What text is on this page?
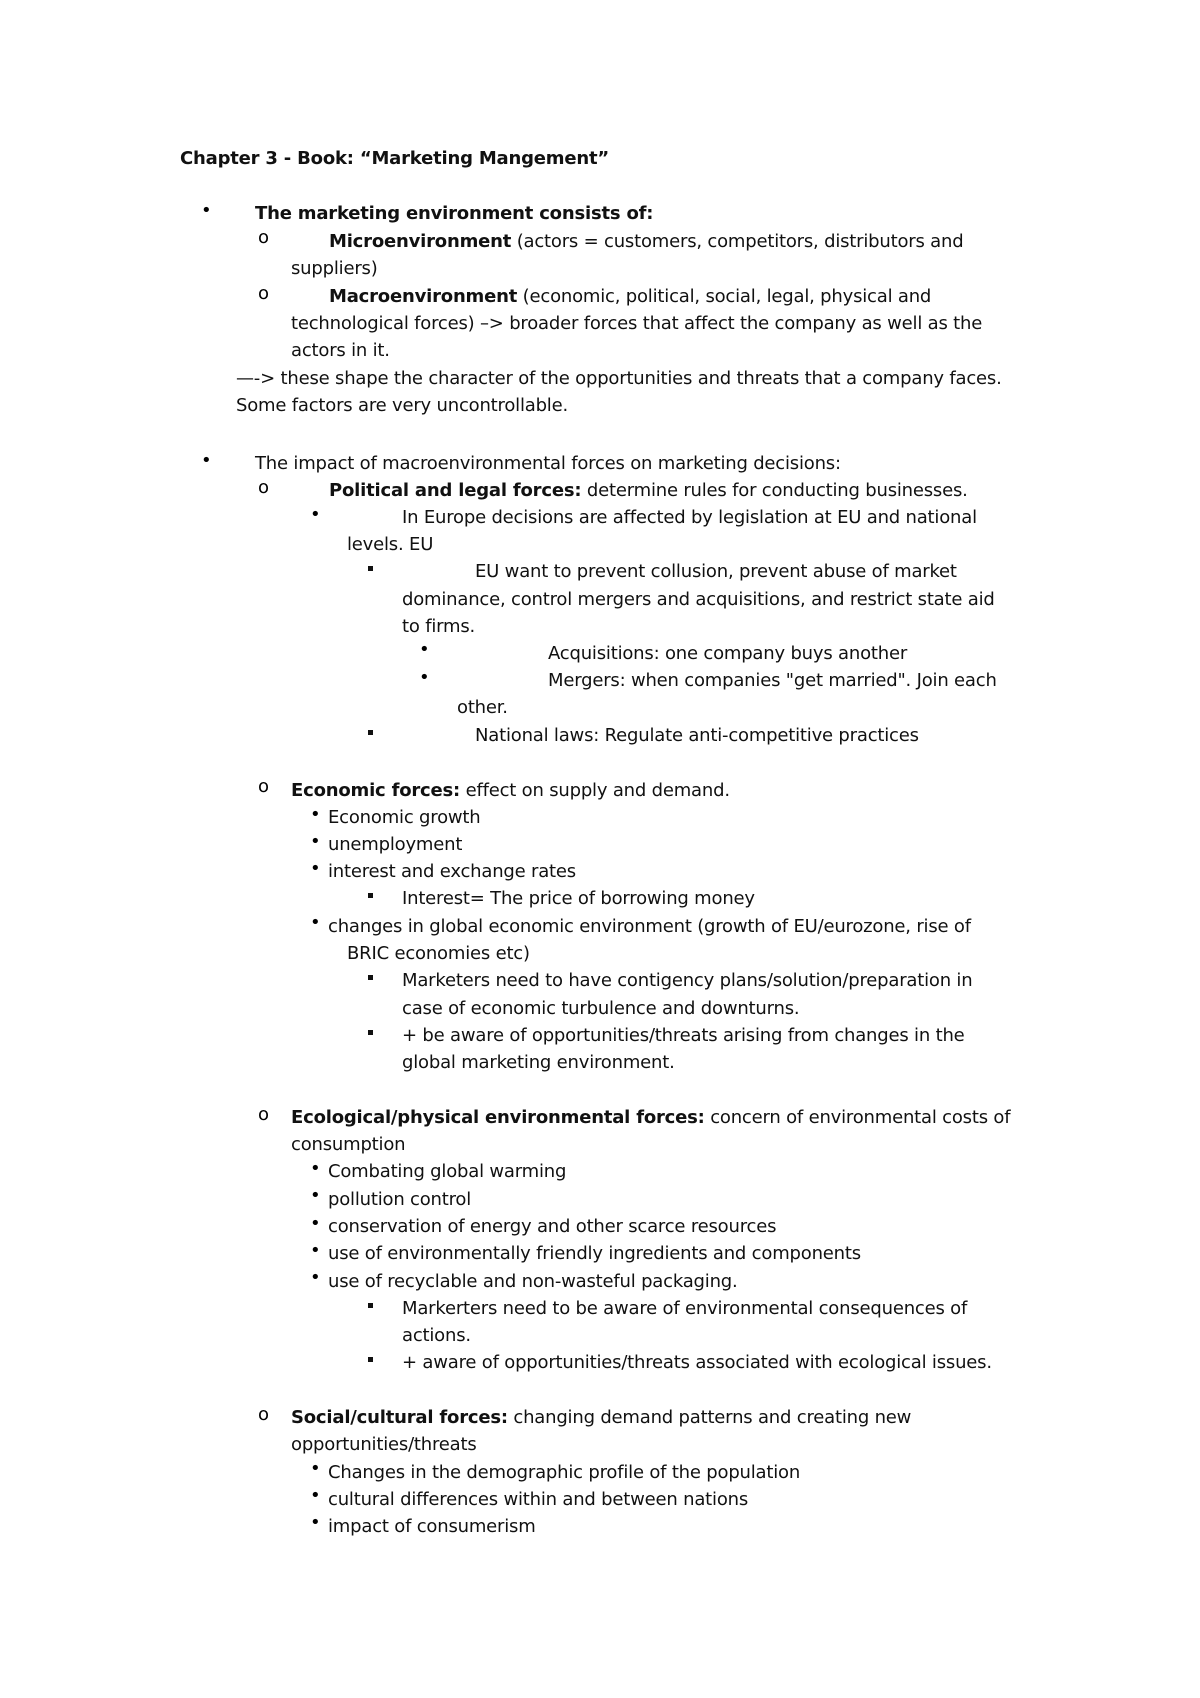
Chapter 3 - Book: “Marketing Mangement”
• The marketing environment consists of:
o	Microenvironment (actors = customers, competitors, distributors and
suppliers)
o	Macroenvironment (economic, political, social, legal, physical and
technological forces) –> broader forces that affect the company as well as the
actors in it.
—-> these shape the character of the opportunities and threats that a company faces.
Some factors are very uncontrollable.
• The impact of macroenvironmental forces on marketing decisions:
o	Political and legal forces: determine rules for conducting businesses.
•	In Europe decisions are affected by legislation at EU and national
levels. EU
EU want to prevent collusion, prevent abuse of market
dominance, control mergers and acquisitions, and restrict state aid
to firms.
•	Acquisitions: one company buys another
•	Mergers: when companies "get married". Join each
other.
National laws: Regulate anti-competitive practices
o Economic forces: effect on supply and demand.
• Economic growth
• unemployment
• interest and exchange rates
Interest= The price of borrowing money
• changes in global economic environment (growth of EU/eurozone, rise of
BRIC economies etc)
Marketers need to have contigency plans/solution/preparation in
case of economic turbulence and downturns.
+ be aware of opportunities/threats arising from changes in the
global marketing environment.
o Ecological/physical environmental forces: concern of environmental costs of
consumption
• Combating global warming
• pollution control
• conservation of energy and other scarce resources
• use of environmentally friendly ingredients and components
• use of recyclable and non-wasteful packaging.
Markerters need to be aware of environmental consequences of
actions.
+ aware of opportunities/threats associated with ecological issues.
o Social/cultural forces: changing demand patterns and creating new
opportunities/threats
• Changes in the demographic profile of the population
• cultural differences within and between nations
• impact of consumerism
